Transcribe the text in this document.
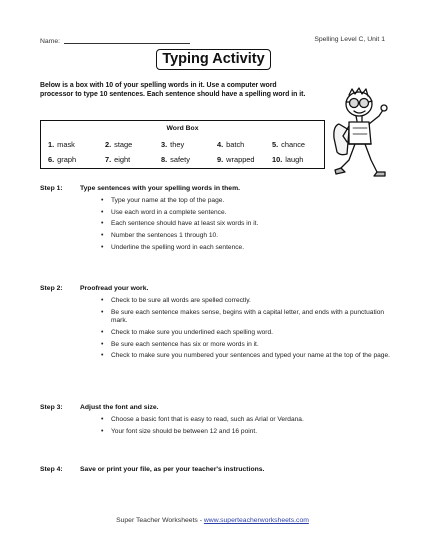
Name:	Spelling Level C, Unit 1
Typing Activity

Below is a box with 10 of your spelling words in it. Use a computer word processor to type 10 sentences. Each sentence should have a spelling word in it.

Word Box
1. mask	2. stage	3. they	4. batch	5. chance
6. graph	7. eight	8. safety	9. wrapped 10. laugh
Step 1:	Type sentences with your spelling words in them.
• Type your name at the top of the page.
• Use each word in a complete sentence.
• Each sentence should have at least six words in it.
• Number the sentences 1 through 10.
• Underline the spelling word in each sentence.
Step 2:	Proofread your work.
• Check to be sure all words are spelled correctly.
• Be sure each sentence makes sense, begins with a capital letter, and ends with a punctuation mark.
• Check to make sure you underlined each spelling word.
• Be sure each sentence has six or more words in it.
• Check to make sure you numbered your sentences and typed your name at the top of the page.
Step 3:	Adjust the font and size.
• Choose a basic font that is easy to read, such as Arial or Verdana.
• Your font size should be between 12 and 16 point.
Step 4:	Save or print your file, as per your teacher's instructions.
Super Teacher Worksheets - www.superteacherworksheets.com
